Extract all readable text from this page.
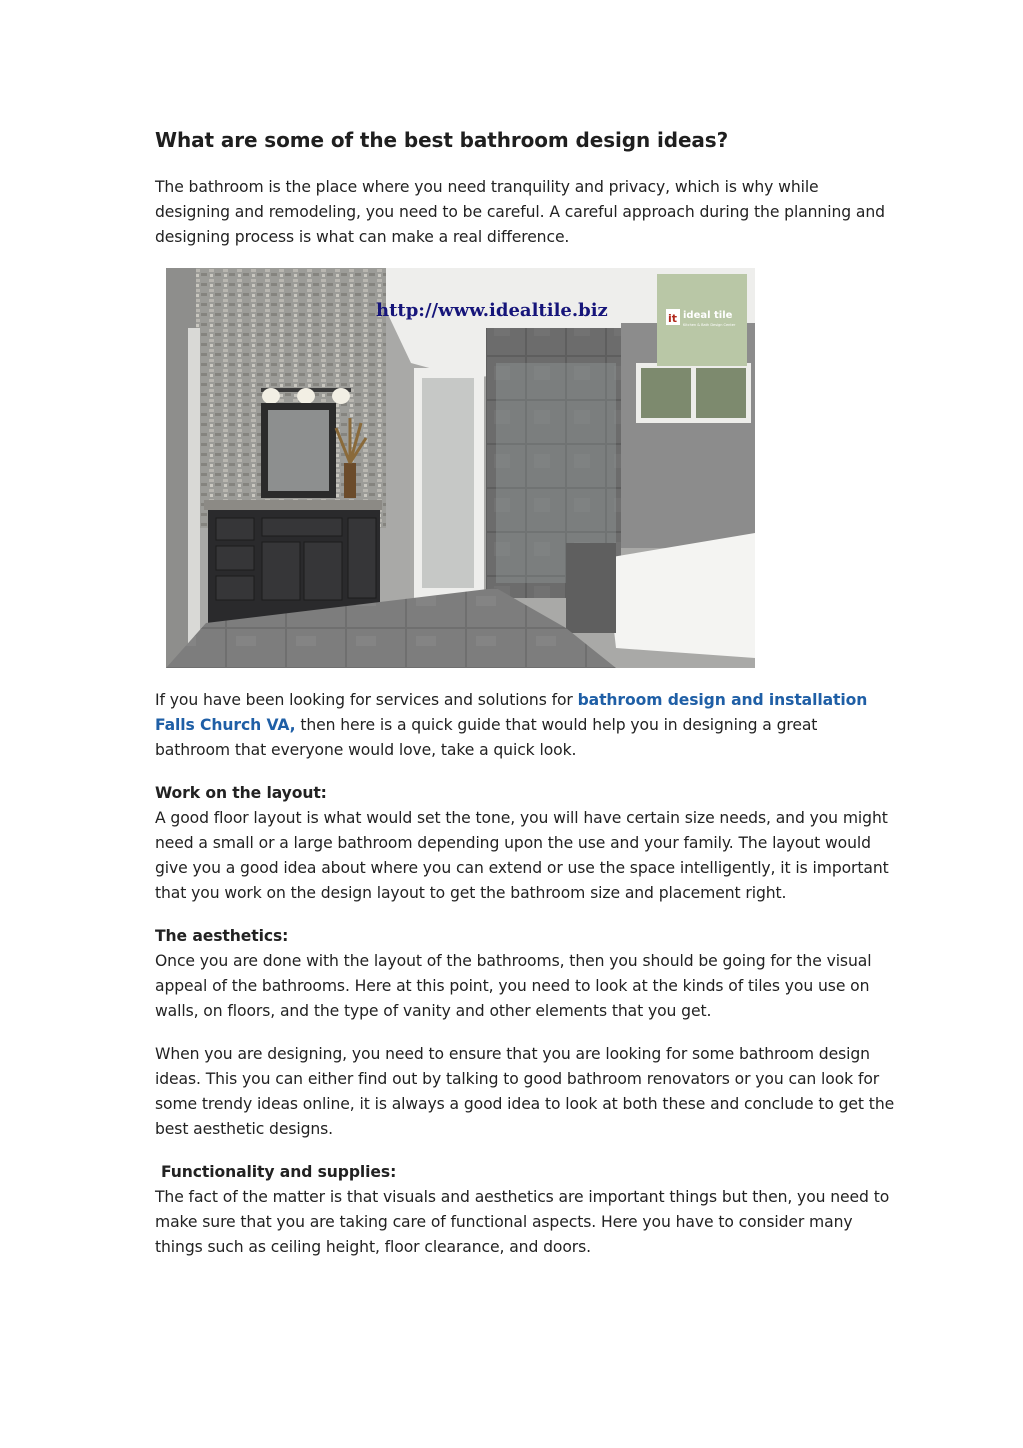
What are some of the best bathroom design ideas?

The bathroom is the place where you need tranquility and privacy, which is why while designing and remodeling, you need to be careful. A careful approach during the planning and designing process is what can make a real difference.

http://www.idealtile.biz	it ideal tile
Kitchen & Bath Design Center

If you have been looking for services and solutions for bathroom design and installation Falls Church VA, then here is a quick guide that would help you in designing a great bathroom that everyone would love, take a quick look.

Work on the layout:
A good floor layout is what would set the tone, you will have certain size needs, and you might need a small or a large bathroom depending upon the use and your family. The layout would give you a good idea about where you can extend or use the space intelligently, it is important that you work on the design layout to get the bathroom size and placement right.

The aesthetics:
Once you are done with the layout of the bathrooms, then you should be going for the visual appeal of the bathrooms. Here at this point, you need to look at the kinds of tiles you use on walls, on floors, and the type of vanity and other elements that you get.

When you are designing, you need to ensure that you are looking for some bathroom design ideas. This you can either find out by talking to good bathroom renovators or you can look for some trendy ideas online, it is always a good idea to look at both these and conclude to get the best aesthetic designs.

Functionality and supplies:
The fact of the matter is that visuals and aesthetics are important things but then, you need to make sure that you are taking care of functional aspects. Here you have to consider many things such as ceiling height, floor clearance, and doors.
